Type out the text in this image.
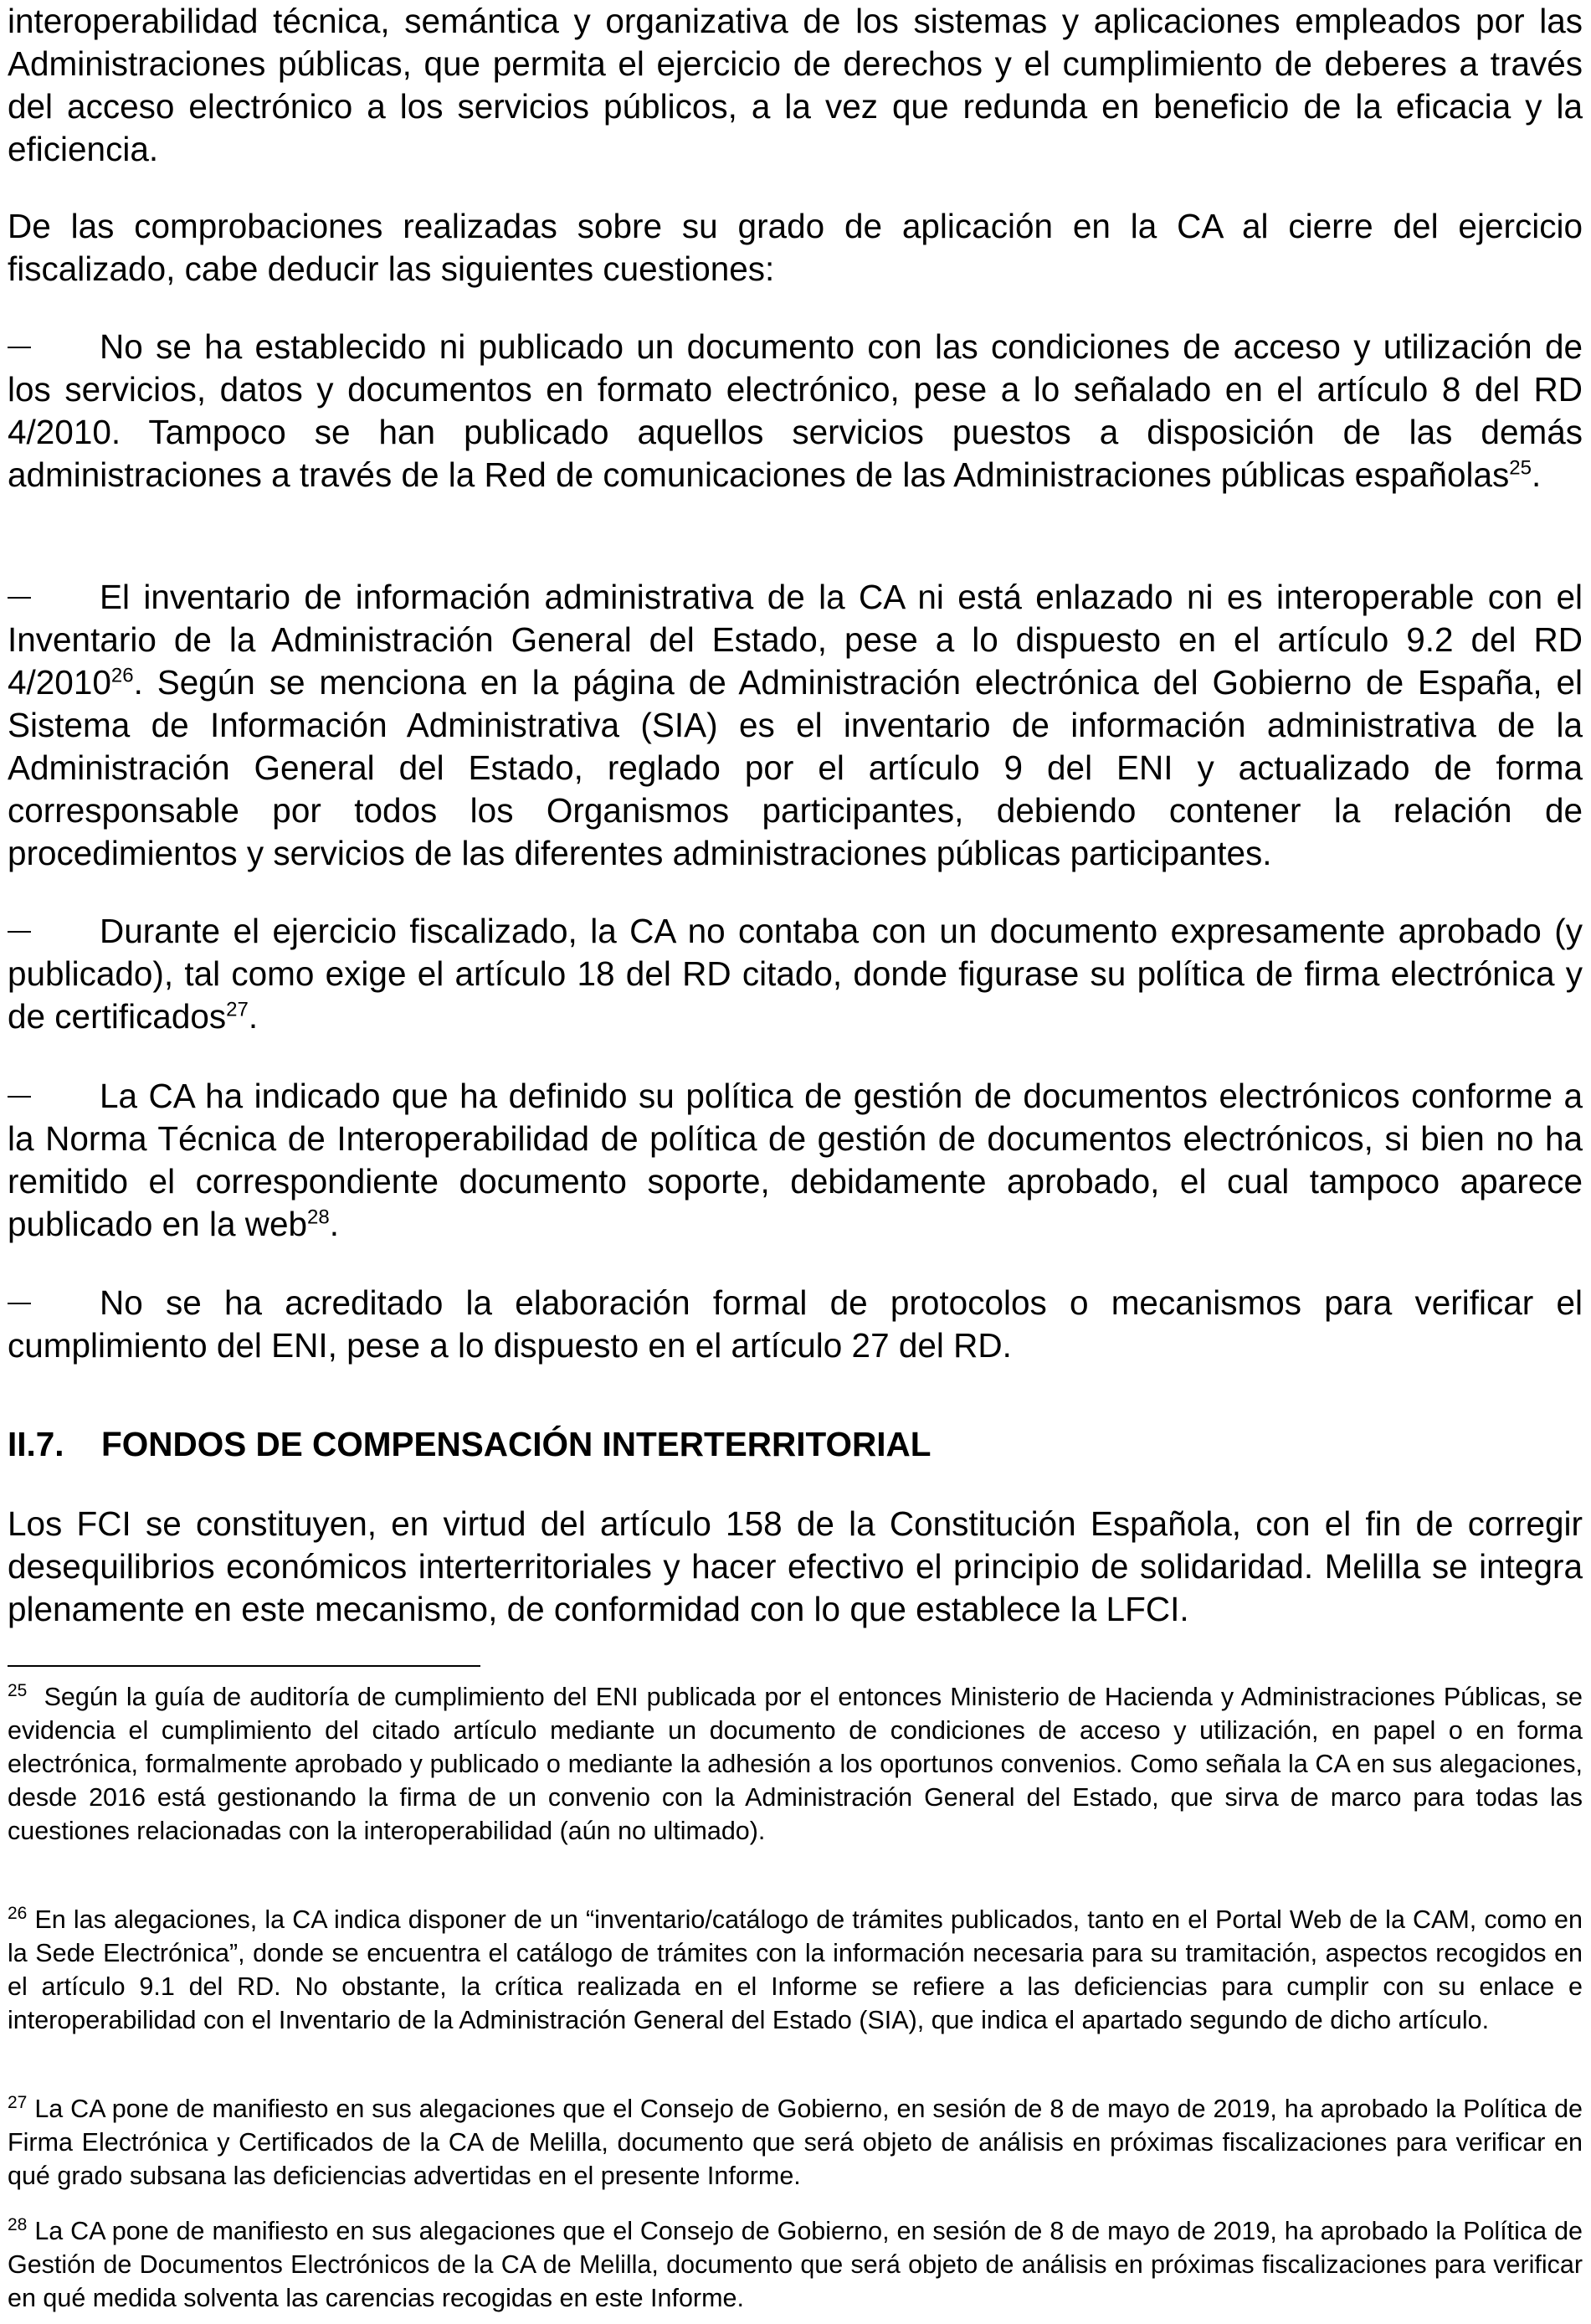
interoperabilidad técnica, semántica y organizativa de los sistemas y aplicaciones empleados por las Administraciones públicas, que permita el ejercicio de derechos y el cumplimiento de deberes a través del acceso electrónico a los servicios públicos, a la vez que redunda en beneficio de la eficacia y la eficiencia.

De las comprobaciones realizadas sobre su grado de aplicación en la CA al cierre del ejercicio fiscalizado, cabe deducir las siguientes cuestiones:

No se ha establecido ni publicado un documento con las condiciones de acceso y utilización de los servicios, datos y documentos en formato electrónico, pese a lo señalado en el artículo 8 del RD 4/2010. Tampoco se han publicado aquellos servicios puestos a disposición de las demás administraciones a través de la Red de comunicaciones de las Administraciones públicas españolas$^{25}$.

El inventario de información administrativa de la CA ni está enlazado ni es interoperable con el Inventario de la Administración General del Estado, pese a lo dispuesto en el artículo 9.2 del RD 4/2010$^{26}$. Según se menciona en la página de Administración electrónica del Gobierno de España, el Sistema de Información Administrativa (SIA) es el inventario de información administrativa de la Administración General del Estado, reglado por el artículo 9 del ENI y actualizado de forma corresponsable por todos los Organismos participantes, debiendo contener la relación de procedimientos y servicios de las diferentes administraciones públicas participantes.

Durante el ejercicio fiscalizado, la CA no contaba con un documento expresamente aprobado (y publicado), tal como exige el artículo 18 del RD citado, donde figurase su política de firma electrónica y de certificados$^{27}$.

La CA ha indicado que ha definido su política de gestión de documentos electrónicos conforme a la Norma Técnica de Interoperabilidad de política de gestión de documentos electrónicos, si bien no ha remitido el correspondiente documento soporte, debidamente aprobado, el cual tampoco aparece publicado en la web$^{28}$.

No se ha acreditado la elaboración formal de protocolos o mecanismos para verificar el cumplimiento del ENI, pese a lo dispuesto en el artículo 27 del RD.

II.7. FONDOS DE COMPENSACIÓN INTERTERRITORIAL

Los FCI se constituyen, en virtud del artículo 158 de la Constitución Española, con el fin de corregir desequilibrios económicos interterritoriales y hacer efectivo el principio de solidaridad. Melilla se integra plenamente en este mecanismo, de conformidad con lo que establece la LFCI.

$^{25}$ Según la guía de auditoría de cumplimiento del ENI publicada por el entonces Ministerio de Hacienda y Administraciones Públicas, se evidencia el cumplimiento del citado artículo mediante un documento de condiciones de acceso y utilización, en papel o en forma electrónica, formalmente aprobado y publicado o mediante la adhesión a los oportunos convenios. Como señala la CA en sus alegaciones, desde 2016 está gestionando la firma de un convenio con la Administración General del Estado, que sirva de marco para todas las cuestiones relacionadas con la interoperabilidad (aún no ultimado).

$^{26}$ En las alegaciones, la CA indica disponer de un “inventario/catálogo de trámites publicados, tanto en el Portal Web de la CAM, como en la Sede Electrónica”, donde se encuentra el catálogo de trámites con la información necesaria para su tramitación, aspectos recogidos en el artículo 9.1 del RD. No obstante, la crítica realizada en el Informe se refiere a las deficiencias para cumplir con su enlace e interoperabilidad con el Inventario de la Administración General del Estado (SIA), que indica el apartado segundo de dicho artículo.

$^{27}$ La CA pone de manifiesto en sus alegaciones que el Consejo de Gobierno, en sesión de 8 de mayo de 2019, ha aprobado la Política de Firma Electrónica y Certificados de la CA de Melilla, documento que será objeto de análisis en próximas fiscalizaciones para verificar en qué grado subsana las deficiencias advertidas en el presente Informe.

$^{28}$ La CA pone de manifiesto en sus alegaciones que el Consejo de Gobierno, en sesión de 8 de mayo de 2019, ha aprobado la Política de Gestión de Documentos Electrónicos de la CA de Melilla, documento que será objeto de análisis en próximas fiscalizaciones para verificar en qué medida solventa las carencias recogidas en este Informe.
